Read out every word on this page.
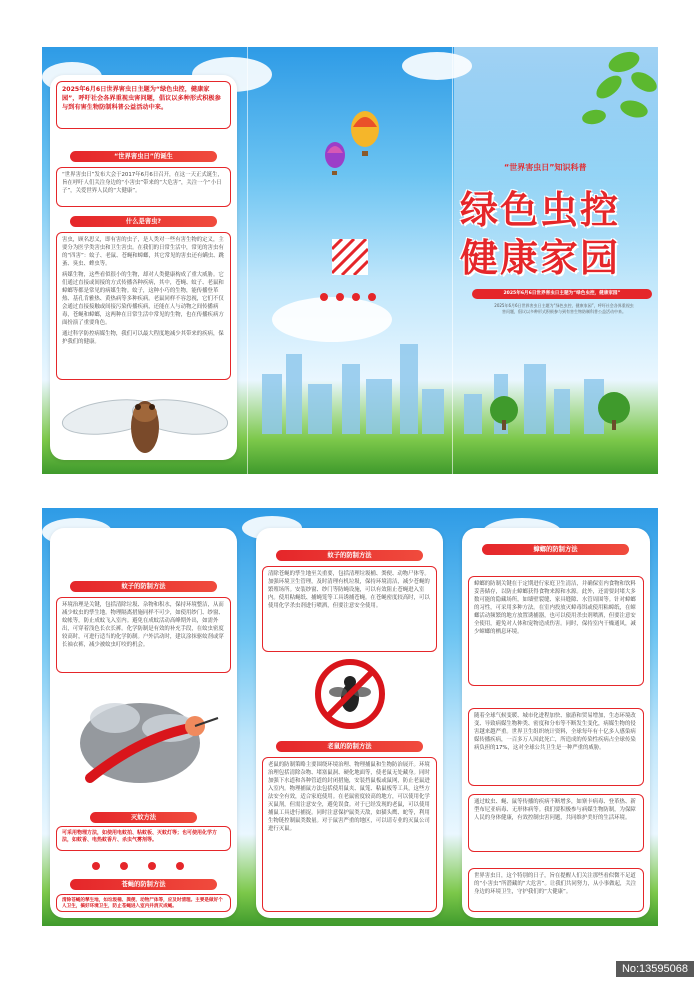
2025年6月6日世界害虫日主题为“绿色虫控，健康家园”，呼吁社会各界重视虫害问题，倡议以多种形式积极参与到有害生物防制科普公益活动中来。
“世界害虫日”的诞生
“世界害虫日”发布大会于2017年6月6日召开，在这一天正式诞生，旨在呼吁人们关注身边的“小害虫”带来的“大危害”，关注一个“小日子”，关爱世界人民的“大健康”。
什么是害虫?
害虫，顾名思义，即有害的虫子，是人类对一些有害生物的定义，主要分为医学类害虫和卫生害虫。在我们的日常生活中，常见的害虫有的“四害”：蚊子、老鼠、苍蝇和蟑螂，其它常见的害虫还有螨虫、跳蚤、臭虫、蜱虫等。
病媒生物，这些看似很小的生物，却对人类健康构成了重大威胁。它们通过直接或间接的方式传播各种疾病，其中，苍蝇、蚊子、老鼠和蟑螂等都是常见的病媒生物。蚊子，这种小巧的生物，能传播登革热、基孔肯雅热、黄热病等多种疾病。老鼠同样不容忽视，它们不仅会通过直接接触或间接污染传播疾病，还能在人与动物之间传播病毒，苍蝇和蟑螂，这两种在日常生活中常见的生物，也在传播疾病方面扮演了重要角色。
通过科学防控病媒生物，我们可以最大程度地减少其带来的疾病，保护我们的健康。
“世界害虫日”知识科普
绿色虫控
健康家园
2025年6月6日世界害虫日主题为“绿色虫控，健康家园”
2025年6月6日世界害虫日主题为“绿色虫控，健康家园”，呼吁社会各界重视虫害问题，倡议以多种形式积极参与到有害生物防制科普公益活动中来。
蚊子的防制方法
环境治理是关键，包括清除垃圾、杂物和积水，保持环境整洁，从而减少蚊虫的孳生地。物理隔离措施同样不可少，如使用纱门、纱窗、蚊帐等，防止成蚊飞入室内。避免在成蚊活动高峰期外出，如需外出，可穿着浅色长衣长裤。化学防制是有效的补充手段，在蚊虫密度较高时，可进行适当的化学防制。户外活动时，建议涂抹驱蚊剂或穿长袖衣裤，减少被蚊虫叮咬的机会。
灭蚊方法
可采用物理方法，如使用电蚊拍、粘蚊板、灭蚊灯等；也可使用化学方法，如蚊香、电热蚊香片、杀虫气雾剂等。
苍蝇的防制方法
清除苍蝇的孳生地，如垃圾桶、粪便、动物尸体等，应及时清理。主要是做好个人卫生，搞好环境卫生，防止苍蝇进入室内并消灭成蝇。
蚊子的防制方法
清除苍蝇的孳生地至关重要，包括清理垃圾桶、粪便、动物尸体等。加强环境卫生管理，及时清理有机垃圾，保持环境清洁，减少苍蝇的繁殖场所。安装纱窗、纱门等防蝇设施，可以有效阻止苍蝇进入室内。使用粘蝇纸、捕蝇笼等工具诱捕苍蝇。在苍蝇密度较高时，可以使用化学杀虫剂进行喷洒，但要注意安全使用。
老鼠的防制方法
老鼠的防制策略主要围绕环境治理、物理捕鼠和生物防治展开。环境治理包括清除杂物、堵塞鼠洞、硬化地面等，使老鼠无处藏身。同时加强下水道和各种管道的封闭措施，安装挡鼠板或鼠网，防止老鼠进入室内。物理捕鼠方法包括使用鼠夹、鼠笼、粘鼠板等工具，这些方法安全有效，适合家庭使用。在老鼠密度较高的地方，可以使用化学灭鼠剂，但需注意安全，避免误食。对于已经发现的老鼠，可以使用捕鼠工具进行捕捉。同时注意保护鼠类天敌，如猫头鹰、蛇等，利用生物链控制鼠类数量。对于鼠害严重的地区，可以请专业的灭鼠公司进行灭鼠。
蟑螂的防制方法
蟑螂的防制关键在于定期进行家庭卫生清洁，并确保室内食物和饮料妥善储存，以防止蟑螂获得食物来源和水源。此外，还需要封堵大多数可能的隐藏场所，如墙壁裂缝、家具缝隙、水管周围等。针对蟑螂的习性，可采用多种方法。在室内投放灭蟑毒饵或使用粘蟑纸，在蟑螂活动频繁的地方放置诱捕器，也可以使用杀虫剂喷洒，但要注意安全使用，避免对人体和宠物造成伤害。同时，保持室内干燥通风，减少蟑螂的栖息环境。
随着全球气候变暖、城市化进程加快、旅游和贸易增加，生态环境改变、导致病媒生物种类、密度和分布等不断发生变化，病媒生物的侵害越来越严重。世界卫生组织统计资料，全球每年有十亿多人感染病媒传播疾病，一百多万人因此死亡，所造成的传染性疾病占全球传染病负担的17%，这对全球公共卫生是一种严重的威胁。
通过蚊虫、蝇、鼠等传播的疾病不断增多，如寨卡病毒、登革热、新型布尼亚病毒、无形体病等。我们要积极参与病媒生物防制，为保障人民的身体健康，有效控制虫害问题，共同维护美好的生活环境。
世界害虫日，这个特别的日子，旨在提醒人们关注那些看似微不足道的“小害虫”所潜藏的“大危害”。让我们共同努力，从小事做起，关注身边的环境卫生，守护我们的“大健康”。
No:13595068
